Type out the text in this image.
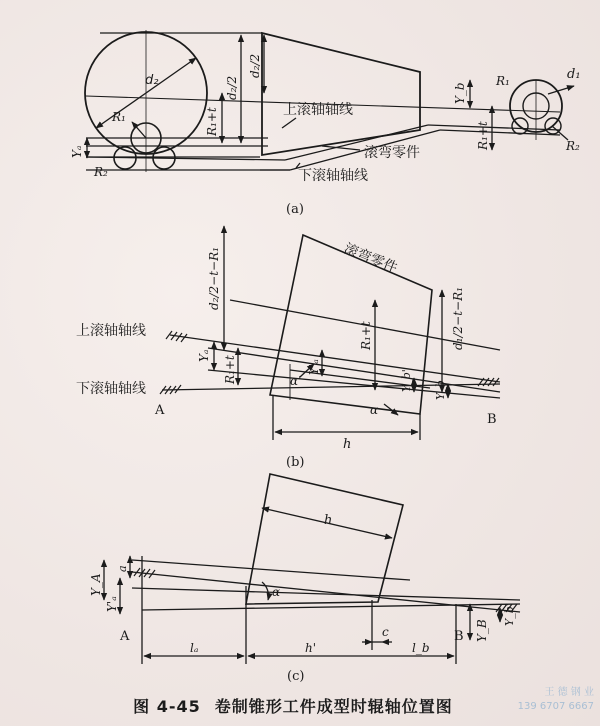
d₂
R₁	R₁+t
d₂/2
d₂/2
Yₐ
R₂
上滚轴轴线
滚弯零件
下滚轴轴线
Y_b
R₁	d₁
R₁+t	R₂
(a)
滚弯零件
d₂/2−t−R₁
d₁/2−t−R₁
上滚轴轴线
下滚轴轴线
Yₐ R₁+t	α'
Y'ₐ
R₁+t
Y_b' Y_b
α
h
A
B
(b)
h
Y_A
a
Y'ₐ
α
A
lₐ	h'
c
l_b
B
Y_b'
Y_B
(c)
图 4-45 卷制锥形工件成型时辊轴位置图
王 德 钢 业
139 6707 6667
